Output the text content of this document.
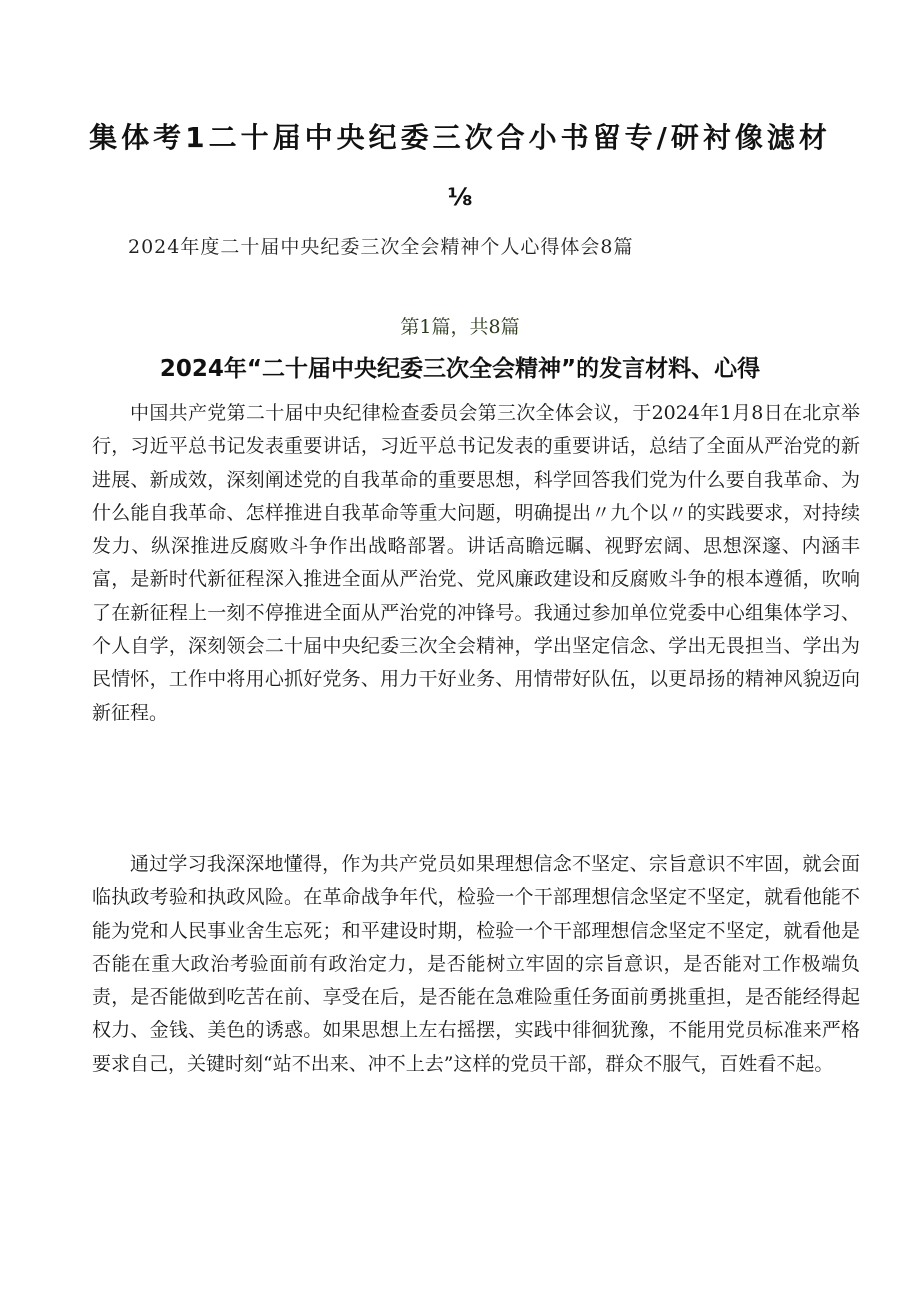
集体考1二十届中央纪委三次合小书留专/研衬像滤材
⅛
2024年度二十届中央纪委三次全会精神个人心得体会8篇
第1篇，共8篇
2024年“二十届中央纪委三次全会精神”的发言材料、心得

中国共产党第二十届中央纪律检查委员会第三次全体会议，于2024年1月8日在北京举行，习近平总书记发表重要讲话，习近平总书记发表的重要讲话，总结了全面从严治党的新进展、新成效，深刻阐述党的自我革命的重要思想，科学回答我们党为什么要自我革命、为什么能自我革命、怎样推进自我革命等重大问题，明确提出〃九个以〃的实践要求，对持续发力、纵深推进反腐败斗争作出战略部署。讲话高瞻远瞩、视野宏阔、思想深邃、内涵丰富，是新时代新征程深入推进全面从严治党、党风廉政建设和反腐败斗争的根本遵循，吹响了在新征程上一刻不停推进全面从严治党的冲锋号。我通过参加单位党委中心组集体学习、个人自学，深刻领会二十届中央纪委三次全会精神，学出坚定信念、学出无畏担当、学出为民情怀，工作中将用心抓好党务、用力干好业务、用情带好队伍，以更昂扬的精神风貌迈向新征程。

通过学习我深深地懂得，作为共产党员如果理想信念不坚定、宗旨意识不牢固，就会面临执政考验和执政风险。在革命战争年代，检验一个干部理想信念坚定不坚定，就看他能不能为党和人民事业舍生忘死；和平建设时期，检验一个干部理想信念坚定不坚定，就看他是否能在重大政治考验面前有政治定力，是否能树立牢固的宗旨意识，是否能对工作极端负责，是否能做到吃苦在前、享受在后，是否能在急难险重任务面前勇挑重担，是否能经得起权力、金钱、美色的诱惑。如果思想上左右摇摆，实践中徘徊犹豫，不能用党员标准来严格要求自己，关键时刻“站不出来、冲不上去”这样的党员干部，群众不服气，百姓看不起。
